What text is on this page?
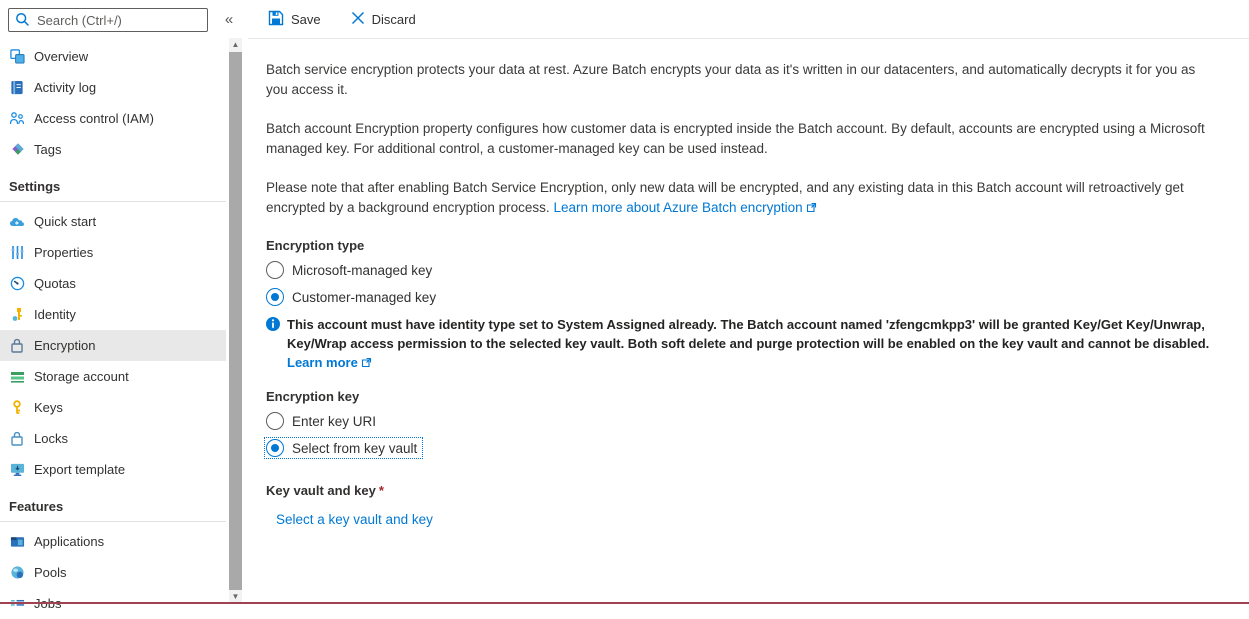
Search (Ctrl+/)
«
Overview
Activity log
Access control (IAM)
Tags
Settings
Quick start
Properties
Quotas
Identity
Encryption
Storage account
Keys
Locks
Export template
Features
Applications
Pools
▲
▼
Save	Discard

Batch service encryption protects your data at rest. Azure Batch encrypts your data as it's written in our datacenters, and automatically decrypts it for you as you access it.

Batch account Encryption property configures how customer data is encrypted inside the Batch account. By default, accounts are encrypted using a Microsoft managed key. For additional control, a customer-managed key can be used instead.

Please note that after enabling Batch Service Encryption, only new data will be encrypted, and any existing data in this Batch account will retroactively get encrypted by a background encryption process. Learn more about Azure Batch encryption

Encryption type
Microsoft-managed key
Customer-managed key
This account must have identity type set to System Assigned already. The Batch account named 'zfengcmkpp3' will be granted Key/Get Key/Unwrap, Key/Wrap access permission to the selected key vault. Both soft delete and purge protection will be enabled on the key vault and cannot be disabled. Learn more
Encryption key
Enter key URI
Select from key vault
Key vault and key *
Select a key vault and key
